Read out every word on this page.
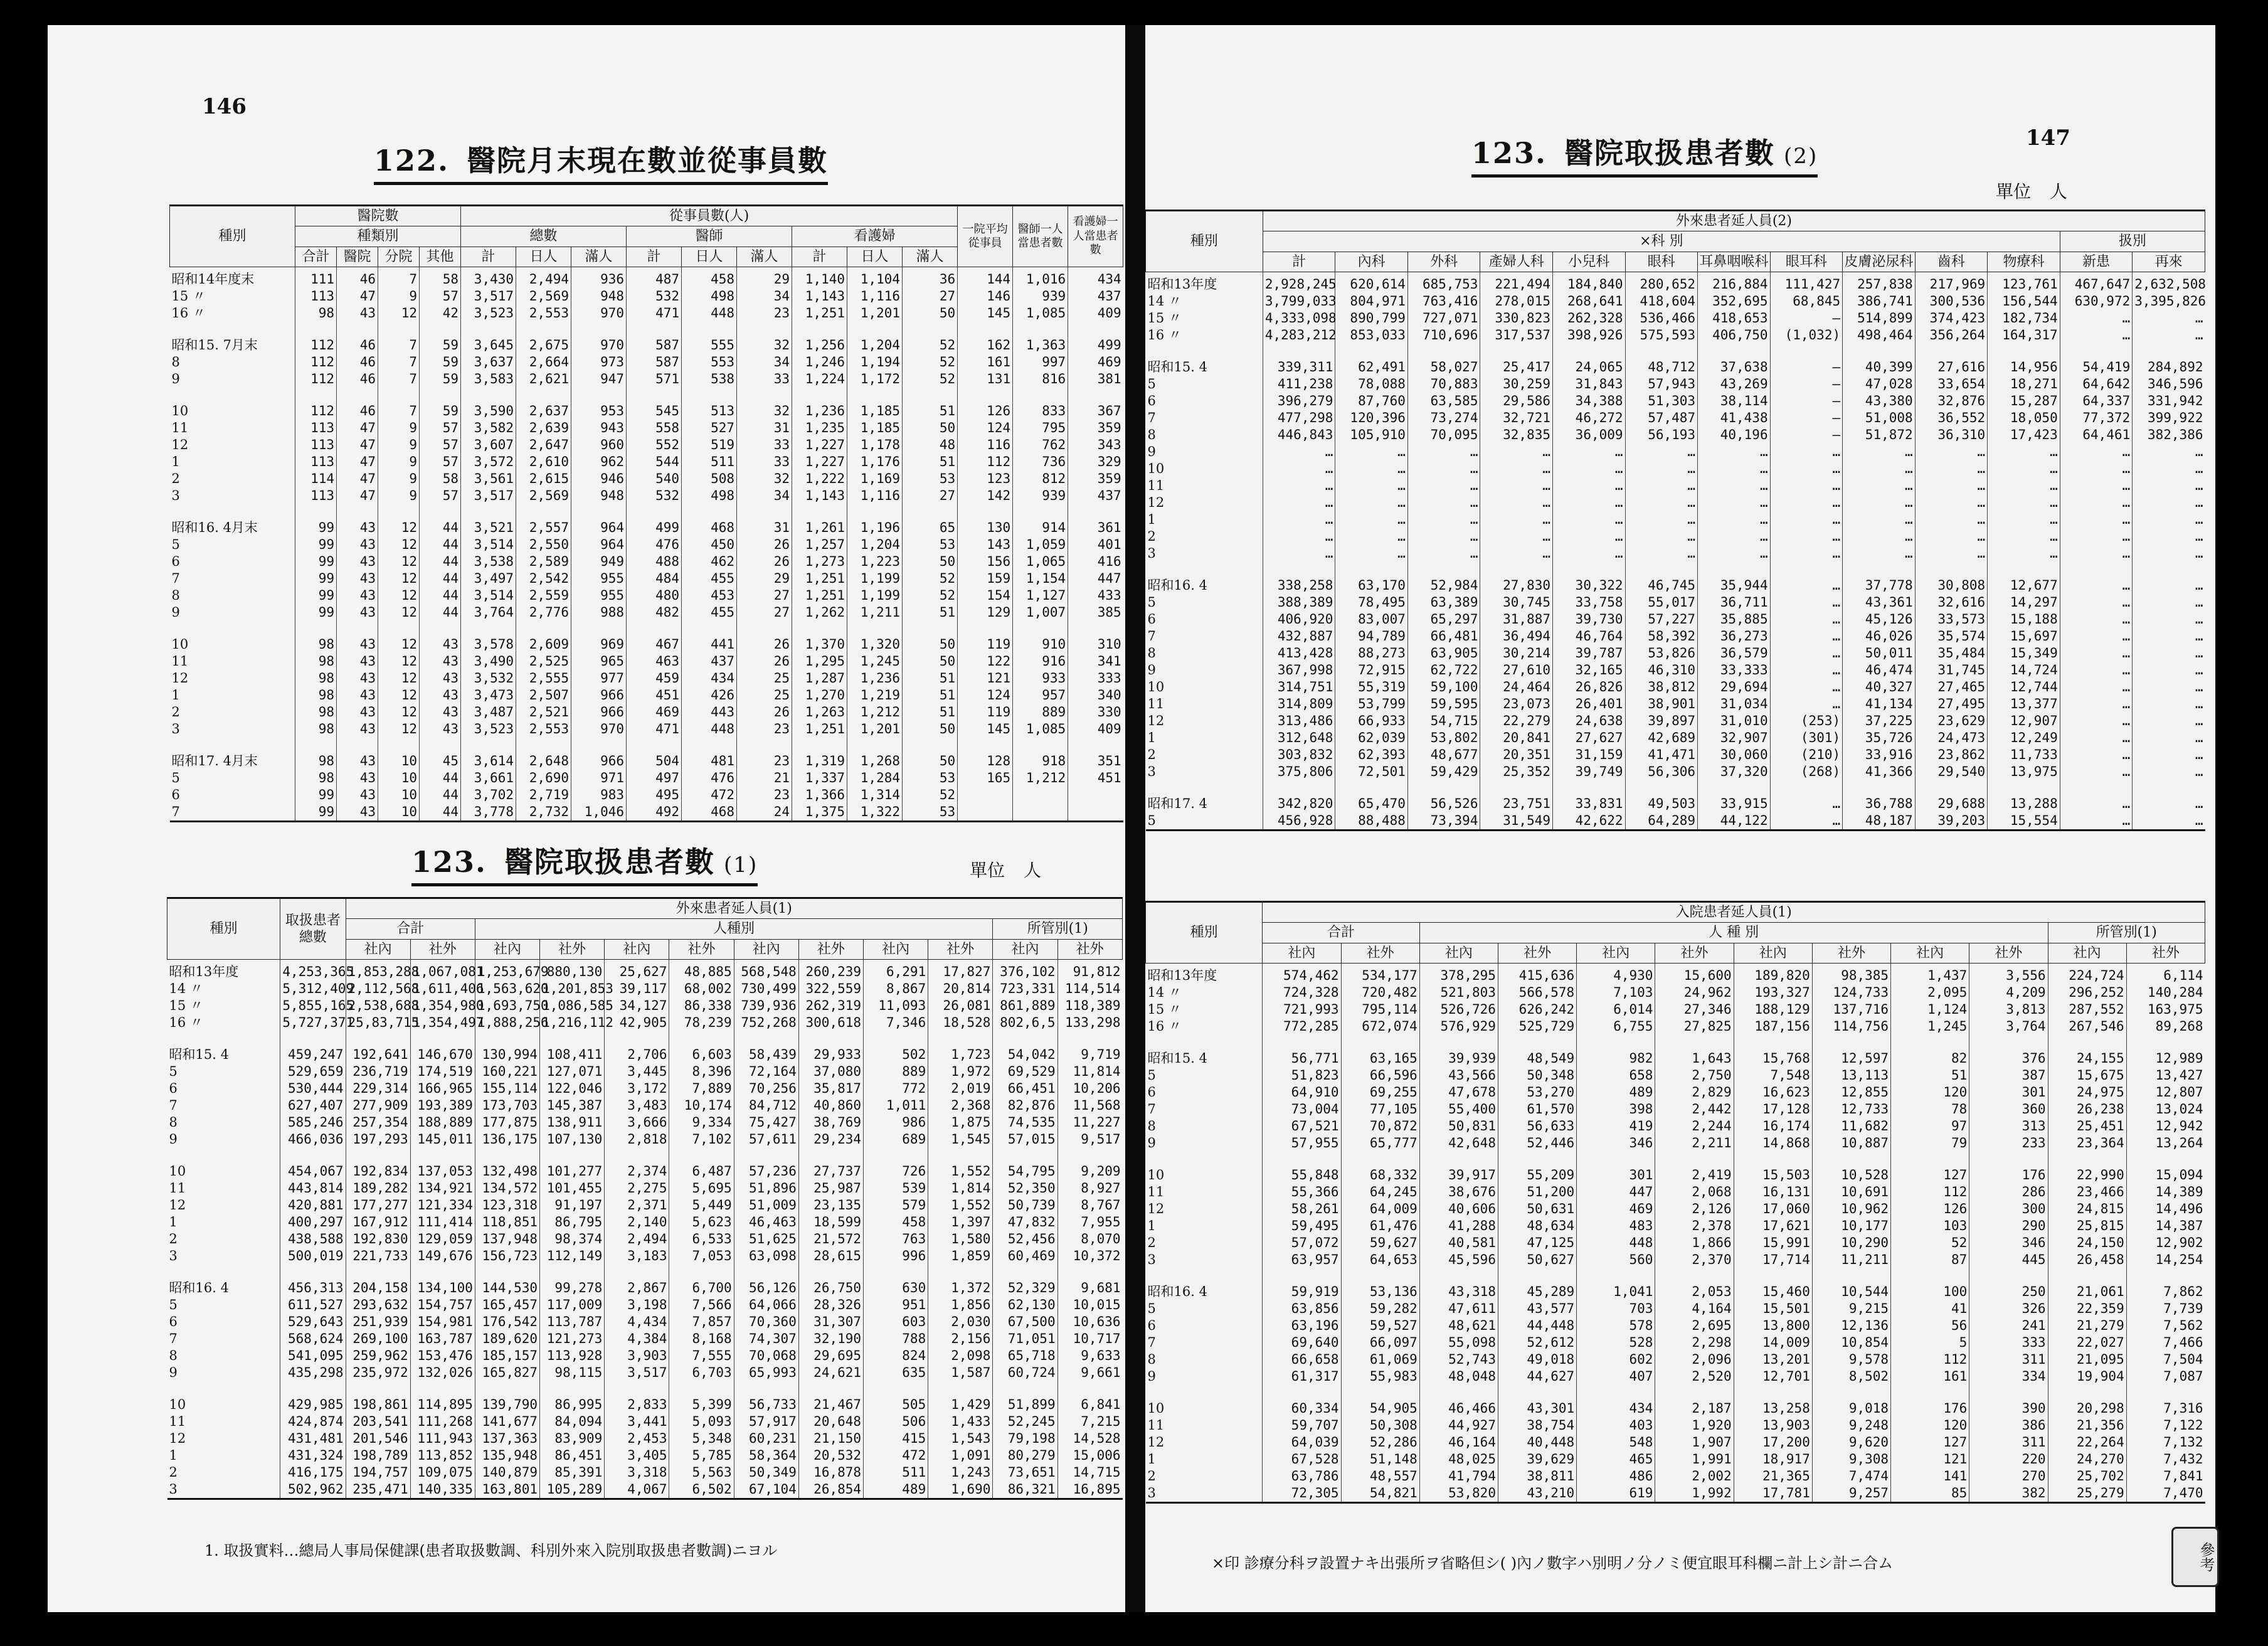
146
122. 醫院月末現在數並從事員數
種別	醫院數				從事員數(人)									一院平均從事員	醫師一人當患者數	看護婦一人當患者數
	種類別				總數			醫師			看護婦					
	合計	醫院	分院	其他	計	日人	滿人	計	日人	滿人	計	日人	滿人			
昭和14年度末	111	46	7	58	3,430	2,494	936	487	458	29	1,140	1,104	36	144	1,016	434
15 〃	113	47	9	57	3,517	2,569	948	532	498	34	1,143	1,116	27	146	939	437
16 〃	98	43	12	42	3,523	2,553	970	471	448	23	1,251	1,201	50	145	1,085	409
昭和15. 7月末	112	46	7	59	3,645	2,675	970	587	555	32	1,256	1,204	52	162	1,363	499
8	112	46	7	59	3,637	2,664	973	587	553	34	1,246	1,194	52	161	997	469
9	112	46	7	59	3,583	2,621	947	571	538	33	1,224	1,172	52	131	816	381
10	112	46	7	59	3,590	2,637	953	545	513	32	1,236	1,185	51	126	833	367
11	113	47	9	57	3,582	2,639	943	558	527	31	1,235	1,185	50	124	795	359
12	113	47	9	57	3,607	2,647	960	552	519	33	1,227	1,178	48	116	762	343
1	113	47	9	57	3,572	2,610	962	544	511	33	1,227	1,176	51	112	736	329
2	114	47	9	58	3,561	2,615	946	540	508	32	1,222	1,169	53	123	812	359
3	113	47	9	57	3,517	2,569	948	532	498	34	1,143	1,116	27	142	939	437
昭和16. 4月末	99	43	12	44	3,521	2,557	964	499	468	31	1,261	1,196	65	130	914	361
5	99	43	12	44	3,514	2,550	964	476	450	26	1,257	1,204	53	143	1,059	401
6	99	43	12	44	3,538	2,589	949	488	462	26	1,273	1,223	50	156	1,065	416
7	99	43	12	44	3,497	2,542	955	484	455	29	1,251	1,199	52	159	1,154	447
8	99	43	12	44	3,514	2,559	955	480	453	27	1,251	1,199	52	154	1,127	433
9	99	43	12	44	3,764	2,776	988	482	455	27	1,262	1,211	51	129	1,007	385
10	98	43	12	43	3,578	2,609	969	467	441	26	1,370	1,320	50	119	910	310
11	98	43	12	43	3,490	2,525	965	463	437	26	1,295	1,245	50	122	916	341
12	98	43	12	43	3,532	2,555	977	459	434	25	1,287	1,236	51	121	933	333
1	98	43	12	43	3,473	2,507	966	451	426	25	1,270	1,219	51	124	957	340
2	98	43	12	43	3,487	2,521	966	469	443	26	1,263	1,212	51	119	889	330
3	98	43	12	43	3,523	2,553	970	471	448	23	1,251	1,201	50	145	1,085	409
昭和17. 4月末	98	43	10	45	3,614	2,648	966	504	481	23	1,319	1,268	50	128	918	351
5	98	43	10	44	3,661	2,690	971	497	476	21	1,337	1,284	53	165	1,212	451
6	99	43	10	44	3,702	2,719	983	495	472	23	1,366	1,314	52			
7	99	43	10	44	3,778	2,732	1,046	492	468	24	1,375	1,322	53			
123. 醫院取扱患者數 (1)	單位 人
種別	取扱患者總數	外來患者延人員(1)											
		合計		人種別								所管別(1)	
		社內	社外	社內	社外	社內	社外	社內	社外	社內	社外	社內	社外
昭和13年度	4,253,365	1,853,288	1,067,081	1,253,679	880,130	25,627	48,885	568,548	260,239	6,291	17,827	376,102	91,812
14 〃	5,312,409	2,112,568	1,611,406	1,563,620	1,201,853	39,117	68,002	730,499	322,559	8,867	20,814	723,331	114,514
15 〃	5,855,165	2,538,688	1,354,980	1,693,750	1,086,585	34,127	86,338	739,936	262,319	11,093	26,081	861,889	118,389
16 〃	5,727,371	25,83,715	1,354,497	1,888,256	1,216,112	42,905	78,239	752,268	300,618	7,346	18,528	802,6,5	133,298
昭和15. 4	459,247	192,641	146,670	130,994	108,411	2,706	6,603	58,439	29,933	502	1,723	54,042	9,719
5	529,659	236,719	174,519	160,221	127,071	3,445	8,396	72,164	37,080	889	1,972	69,529	11,814
6	530,444	229,314	166,965	155,114	122,046	3,172	7,889	70,256	35,817	772	2,019	66,451	10,206
7	627,407	277,909	193,389	173,703	145,387	3,483	10,174	84,712	40,860	1,011	2,368	82,876	11,568
8	585,246	257,354	188,889	177,875	138,911	3,666	9,334	75,427	38,769	986	1,875	74,535	11,227
9	466,036	197,293	145,011	136,175	107,130	2,818	7,102	57,611	29,234	689	1,545	57,015	9,517
10	454,067	192,834	137,053	132,498	101,277	2,374	6,487	57,236	27,737	726	1,552	54,795	9,209
11	443,814	189,282	134,921	134,572	101,455	2,275	5,695	51,896	25,987	539	1,814	52,350	8,927
12	420,881	177,277	121,334	123,318	91,197	2,371	5,449	51,009	23,135	579	1,552	50,739	8,767
1	400,297	167,912	111,414	118,851	86,795	2,140	5,623	46,463	18,599	458	1,397	47,832	7,955
2	438,588	192,830	129,059	137,948	98,374	2,494	6,533	51,625	21,572	763	1,580	52,456	8,070
3	500,019	221,733	149,676	156,723	112,149	3,183	7,053	63,098	28,615	996	1,859	60,469	10,372
昭和16. 4	456,313	204,158	134,100	144,530	99,278	2,867	6,700	56,126	26,750	630	1,372	52,329	9,681
5	611,527	293,632	154,757	165,457	117,009	3,198	7,566	64,066	28,326	951	1,856	62,130	10,015
6	529,643	251,939	154,981	176,542	113,787	4,434	7,857	70,360	31,307	603	2,030	67,500	10,636
7	568,624	269,100	163,787	189,620	121,273	4,384	8,168	74,307	32,190	788	2,156	71,051	10,717
8	541,095	259,962	153,476	185,157	113,928	3,903	7,555	70,068	29,695	824	2,098	65,718	9,633
9	435,298	235,972	132,026	165,827	98,115	3,517	6,703	65,993	24,621	635	1,587	60,724	9,661
10	429,985	198,861	114,895	139,790	86,995	2,833	5,399	56,733	21,467	505	1,429	51,899	6,841
11	424,874	203,541	111,268	141,677	84,094	3,441	5,093	57,917	20,648	506	1,433	52,245	7,215
12	431,481	201,546	111,943	137,363	83,909	2,453	5,348	60,231	21,150	415	1,543	79,198	14,528
1	431,324	198,789	113,852	135,948	86,451	3,405	5,785	58,364	20,532	472	1,091	80,279	15,006
2	416,175	194,757	109,075	140,879	85,391	3,318	5,563	50,349	16,878	511	1,243	73,651	14,715
3	502,962	235,471	140,335	163,801	105,289	4,067	6,502	67,104	26,854	489	1,690	86,321	16,895
1. 取扱實料…總局人事局保健課(患者取扱數調、科別外來入院別取扱患者數調)ニヨル
147
123. 醫院取扱患者數 (2)
單位 人
種別	外來患者延人員(2)												
	×科 別											扱別	
	計	內科	外科	產婦人科	小兒科	眼科	耳鼻咽喉科	眼耳科	皮膚泌尿科	齒科	物療科	新患	再來
昭和13年度	2,928,245	620,614	685,753	221,494	184,840	280,652	216,884	111,427	257,838	217,969	123,761	467,647	2,632,508
14 〃	3,799,033	804,971	763,416	278,015	268,641	418,604	352,695	68,845	386,741	300,536	156,544	630,972	3,395,826
15 〃	4,333,098	890,799	727,071	330,823	262,328	536,466	418,653	—	514,899	374,423	182,734	…	…
16 〃	4,283,212	853,033	710,696	317,537	398,926	575,593	406,750	(1,032)	498,464	356,264	164,317	…	…
昭和15. 4	339,311	62,491	58,027	25,417	24,065	48,712	37,638	—	40,399	27,616	14,956	54,419	284,892
5	411,238	78,088	70,883	30,259	31,843	57,943	43,269	—	47,028	33,654	18,271	64,642	346,596
6	396,279	87,760	63,585	29,586	34,388	51,303	38,114	—	43,380	32,876	15,287	64,337	331,942
7	477,298	120,396	73,274	32,721	46,272	57,487	41,438	—	51,008	36,552	18,050	77,372	399,922
8	446,843	105,910	70,095	32,835	36,009	56,193	40,196	—	51,872	36,310	17,423	64,461	382,386
9	…	…	…	…	…	…	…	…	…	…	…	…	…
10	…	…	…	…	…	…	…	…	…	…	…	…	…
11	…	…	…	…	…	…	…	…	…	…	…	…	…
12	…	…	…	…	…	…	…	…	…	…	…	…	…
1	…	…	…	…	…	…	…	…	…	…	…	…	…
2	…	…	…	…	…	…	…	…	…	…	…	…	…
3	…	…	…	…	…	…	…	…	…	…	…	…	…
昭和16. 4	338,258	63,170	52,984	27,830	30,322	46,745	35,944	…	37,778	30,808	12,677	…	…
5	388,389	78,495	63,389	30,745	33,758	55,017	36,711	…	43,361	32,616	14,297	…	…
6	406,920	83,007	65,297	31,887	39,730	57,227	35,885	…	45,126	33,573	15,188	…	…
7	432,887	94,789	66,481	36,494	46,764	58,392	36,273	…	46,026	35,574	15,697	…	…
8	413,428	88,273	63,905	30,214	39,787	53,826	36,579	…	50,011	35,484	15,349	…	…
9	367,998	72,915	62,722	27,610	32,165	46,310	33,333	…	46,474	31,745	14,724	…	…
10	314,751	55,319	59,100	24,464	26,826	38,812	29,694	…	40,327	27,465	12,744	…	…
11	314,809	53,799	59,595	23,073	26,401	38,901	31,034	…	41,134	27,495	13,377	…	…
12	313,486	66,933	54,715	22,279	24,638	39,897	31,010	(253)	37,225	23,629	12,907	…	…
1	312,648	62,039	53,802	20,841	27,627	42,689	32,907	(301)	35,726	24,473	12,249	…	…
2	303,832	62,393	48,677	20,351	31,159	41,471	30,060	(210)	33,916	23,862	11,733	…	…
3	375,806	72,501	59,429	25,352	39,749	56,306	37,320	(268)	41,366	29,540	13,975	…	…
昭和17. 4	342,820	65,470	56,526	23,751	33,831	49,503	33,915	…	36,788	29,688	13,288	…	…
5	456,928	88,488	73,394	31,549	42,622	64,289	44,122	…	48,187	39,203	15,554	…	…
種別	入院患者延人員(1)											
	合計		人 種 別								所管別(1)	
	社內	社外	社內	社外	社內	社外	社內	社外	社內	社外	社內	社外
昭和13年度	574,462	534,177	378,295	415,636	4,930	15,600	189,820	98,385	1,437	3,556	224,724	6,114
14 〃	724,328	720,482	521,803	566,578	7,103	24,962	193,327	124,733	2,095	4,209	296,252	140,284
15 〃	721,993	795,114	526,726	626,242	6,014	27,346	188,129	137,716	1,124	3,813	287,552	163,975
16 〃	772,285	672,074	576,929	525,729	6,755	27,825	187,156	114,756	1,245	3,764	267,546	89,268
昭和15. 4	56,771	63,165	39,939	48,549	982	1,643	15,768	12,597	82	376	24,155	12,989
5	51,823	66,596	43,566	50,348	658	2,750	7,548	13,113	51	387	15,675	13,427
6	64,910	69,255	47,678	53,270	489	2,829	16,623	12,855	120	301	24,975	12,807
7	73,004	77,105	55,400	61,570	398	2,442	17,128	12,733	78	360	26,238	13,024
8	67,521	70,872	50,831	56,633	419	2,244	16,174	11,682	97	313	25,451	12,942
9	57,955	65,777	42,648	52,446	346	2,211	14,868	10,887	79	233	23,364	13,264
10	55,848	68,332	39,917	55,209	301	2,419	15,503	10,528	127	176	22,990	15,094
11	55,366	64,245	38,676	51,200	447	2,068	16,131	10,691	112	286	23,466	14,389
12	58,261	64,009	40,606	50,631	469	2,126	17,060	10,962	126	300	24,815	14,496
1	59,495	61,476	41,288	48,634	483	2,378	17,621	10,177	103	290	25,815	14,387
2	57,072	59,627	40,581	47,125	448	1,866	15,991	10,290	52	346	24,150	12,902
3	63,957	64,653	45,596	50,627	560	2,370	17,714	11,211	87	445	26,458	14,254
昭和16. 4	59,919	53,136	43,318	45,289	1,041	2,053	15,460	10,544	100	250	21,061	7,862
5	63,856	59,282	47,611	43,577	703	4,164	15,501	9,215	41	326	22,359	7,739
6	63,196	59,527	48,621	44,448	578	2,695	13,800	12,136	56	241	21,279	7,562
7	69,640	66,097	55,098	52,612	528	2,298	14,009	10,854	5	333	22,027	7,466
8	66,658	61,069	52,743	49,018	602	2,096	13,201	9,578	112	311	21,095	7,504
9	61,317	55,983	48,048	44,627	407	2,520	12,701	8,502	161	334	19,904	7,087
10	60,334	54,905	46,466	43,301	434	2,187	13,258	9,018	176	390	20,298	7,316
11	59,707	50,308	44,927	38,754	403	1,920	13,903	9,248	120	386	21,356	7,122
12	64,039	52,286	46,164	40,448	548	1,907	17,200	9,620	127	311	22,264	7,132
1	67,528	51,148	48,025	39,629	465	1,991	18,917	9,308	121	220	24,270	7,432
2	63,786	48,557	41,794	38,811	486	2,002	21,365	7,474	141	270	25,702	7,841
3	72,305	54,821	53,820	43,210	619	1,992	17,781	9,257	85	382	25,279	7,470
×印 診療分科ヲ設置ナキ出張所ヲ省略但シ( )內ノ數字ハ別明ノ分ノミ便宜眼耳科欄ニ計上シ計ニ合ム	參考
